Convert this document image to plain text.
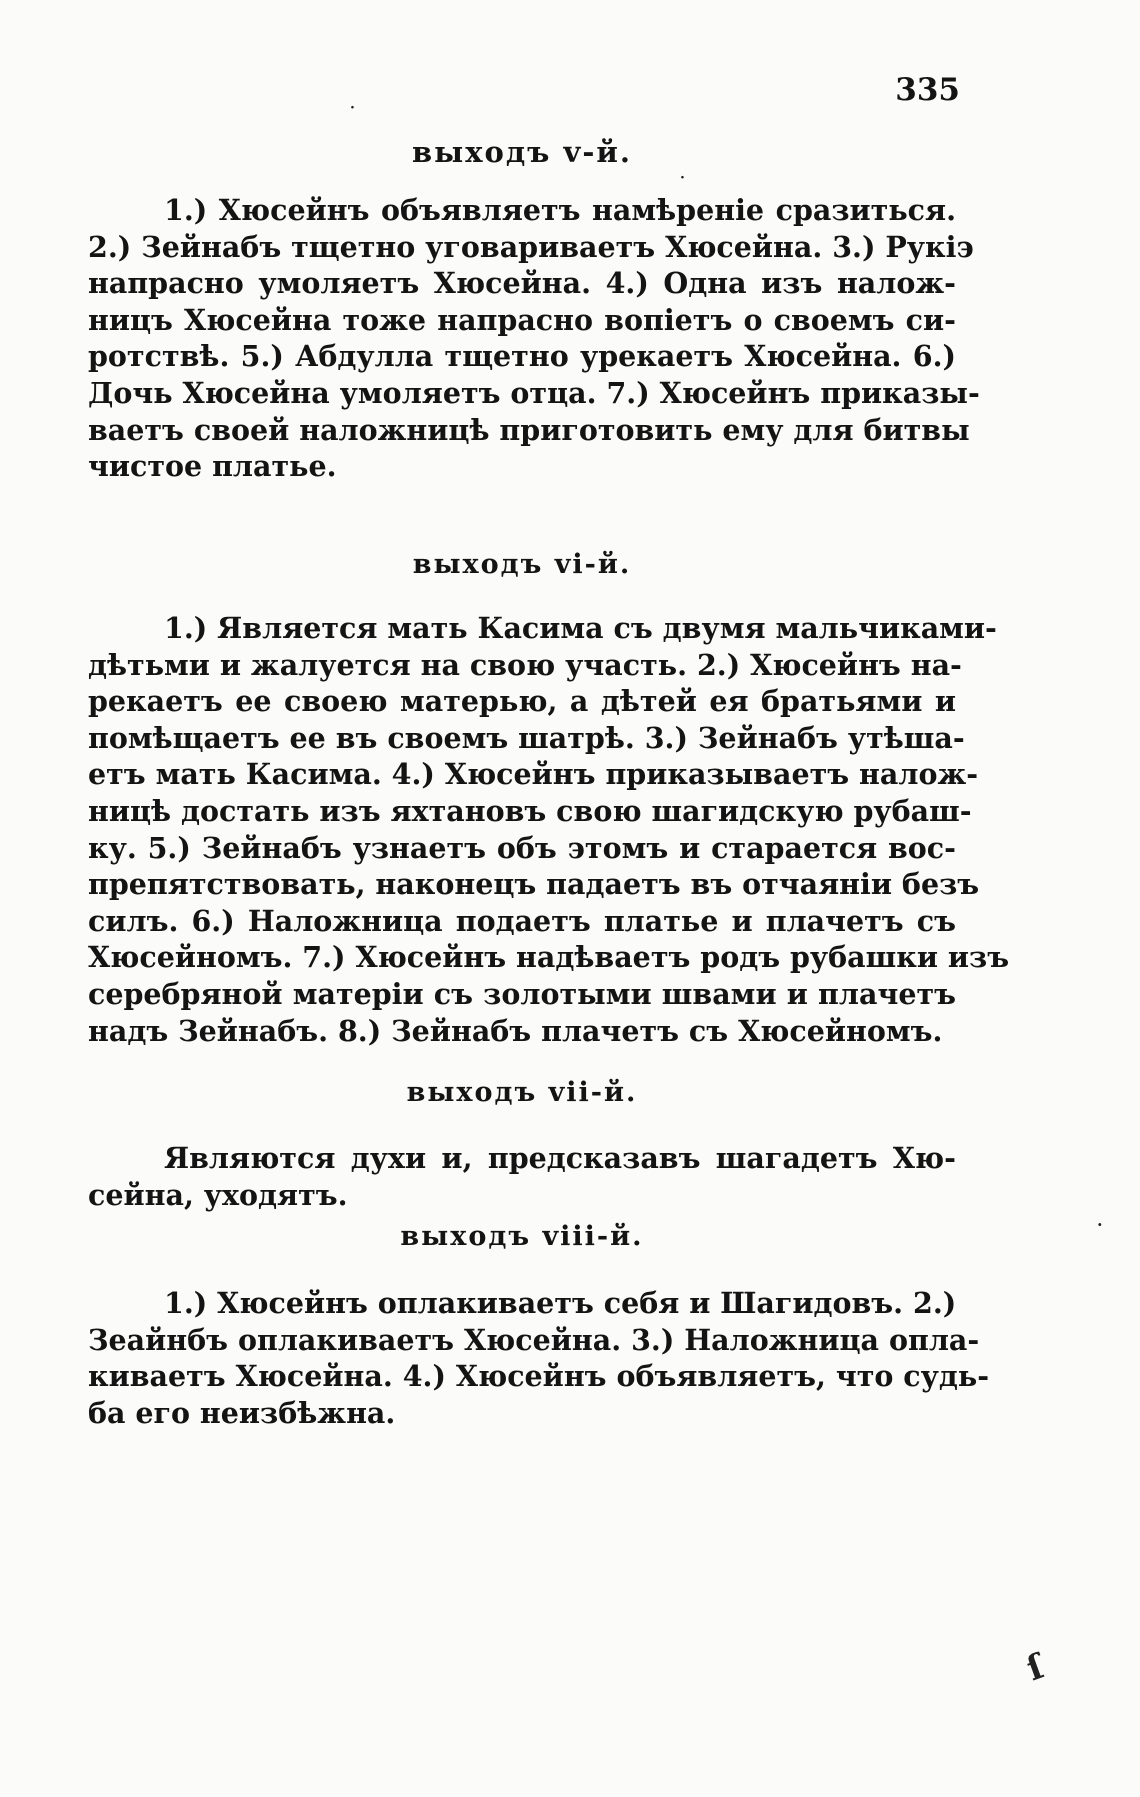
335
выходъ v-й.
1.) Хюсейнъ объявляетъ намѣреніе сразиться.
2.) Зейнабъ тщетно уговариваетъ Хюсейна. 3.) Рукіэ
напрасно умоляетъ Хюсейна. 4.) Одна изъ налож-
ницъ Хюсейна тоже напрасно вопіетъ о своемъ си-
ротствѣ. 5.) Абдулла тщетно урекаетъ Хюсейна. 6.)
Дочь Хюсейна умоляетъ отца. 7.) Хюсейнъ приказы-
ваетъ своей наложницѣ приготовить ему для битвы
чистое платье.
выходъ vi-й.
1.) Является мать Касима съ двумя мальчиками-
дѣтьми и жалуется на свою участь. 2.) Хюсейнъ на-
рекаетъ ее своею матерью, а дѣтей ея братьями и
помѣщаетъ ее въ своемъ шатрѣ. 3.) Зейнабъ утѣша-
етъ мать Касима. 4.) Хюсейнъ приказываетъ налож-
ницѣ достать изъ яхтановъ свою шагидскую рубаш-
ку. 5.) Зейнабъ узнаетъ объ этомъ и старается вос-
препятствовать, наконецъ падаетъ въ отчаяніи безъ
силъ. 6.) Наложница подаетъ платье и плачетъ съ
Хюсейномъ. 7.) Хюсейнъ надѣваетъ родъ рубашки изъ
серебряной матеріи съ золотыми швами и плачетъ
надъ Зейнабъ. 8.) Зейнабъ плачетъ съ Хюсейномъ.
выходъ vii-й.
Являются духи и, предсказавъ шагадетъ Хю-
сейна, уходятъ.
выходъ viii-й.
1.) Хюсейнъ оплакиваетъ себя и Шагидовъ. 2.)
Зеайнбъ оплакиваетъ Хюсейна. 3.) Наложница опла-
киваетъ Хюсейна. 4.) Хюсейнъ объявляетъ, что судь-
ба его неизбѣжна.
·
·
·
ſ
